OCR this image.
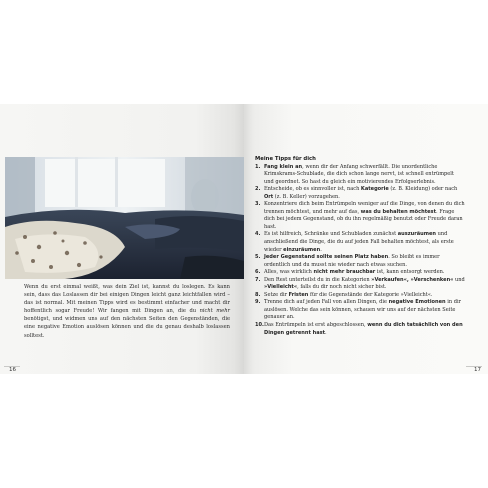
Wenn du erst einmal weißt, was dein Ziel ist, kannst du loslegen. Es kann sein, dass das Loslassen dir bei einigen Dingen leicht ganz leichtfallen wird – das ist normal. Mit meinen Tipps wird es bestimmt einfacher und macht dir hoffentlich sogar Freude! Wir fangen mit Dingen an, die du nicht mehr benötigst, und widmen uns auf den nächsten Seiten den Gegenständen, die eine negative Emotion auslösen können und die du genau deshalb loslassen solltest.

16
Meine Tipps für dich
1. Fang klein an, wenn dir der Anfang schwerfällt. Die unordentliche Krimskrams-Schublade, die dich schon lange nervt, ist schnell entrümpelt und geordnet. So hast du gleich ein motivierendes Erfolgserlebnis.
2. Entscheide, ob es sinnvoller ist, nach Kategorie (z. B. Kleidung) oder nach Ort (z. B. Keller) vorzugehen.
3. Konzentriere dich beim Entrümpeln weniger auf die Dinge, von denen du dich trennen möchtest, und mehr auf das, was du behalten möchtest. Frage dich bei jedem Gegenstand, ob du ihn regelmäßig benutzt oder Freude daran hast.
4. Es ist hilfreich, Schränke und Schubladen zunächst auszuräumen und anschließend die Dinge, die du auf jeden Fall behalten möchtest, als erste wieder einzuräumen.
5. Jeder Gegenstand sollte seinen Platz haben. So bleibt es immer ordentlich und du musst nie wieder nach etwas suchen.
6. Alles, was wirklich nicht mehr brauchbar ist, kann entsorgt werden.
7. Den Rest unterteilst du in die Kategorien »Verkaufen«, »Verschenken« und »Vielleicht«, falls du dir noch nicht sicher bist.
8. Setze dir Fristen für die Gegenstände der Kategorie »Vielleicht«.
9. Trenne dich auf jeden Fall von allen Dingen, die negative Emotionen in dir auslösen. Welche das sein können, schauen wir uns auf der nächsten Seite genauer an.
10. Das Entrümpeln ist erst abgeschlossen, wenn du dich tatsächlich von den Dingen getrennt hast.
17
